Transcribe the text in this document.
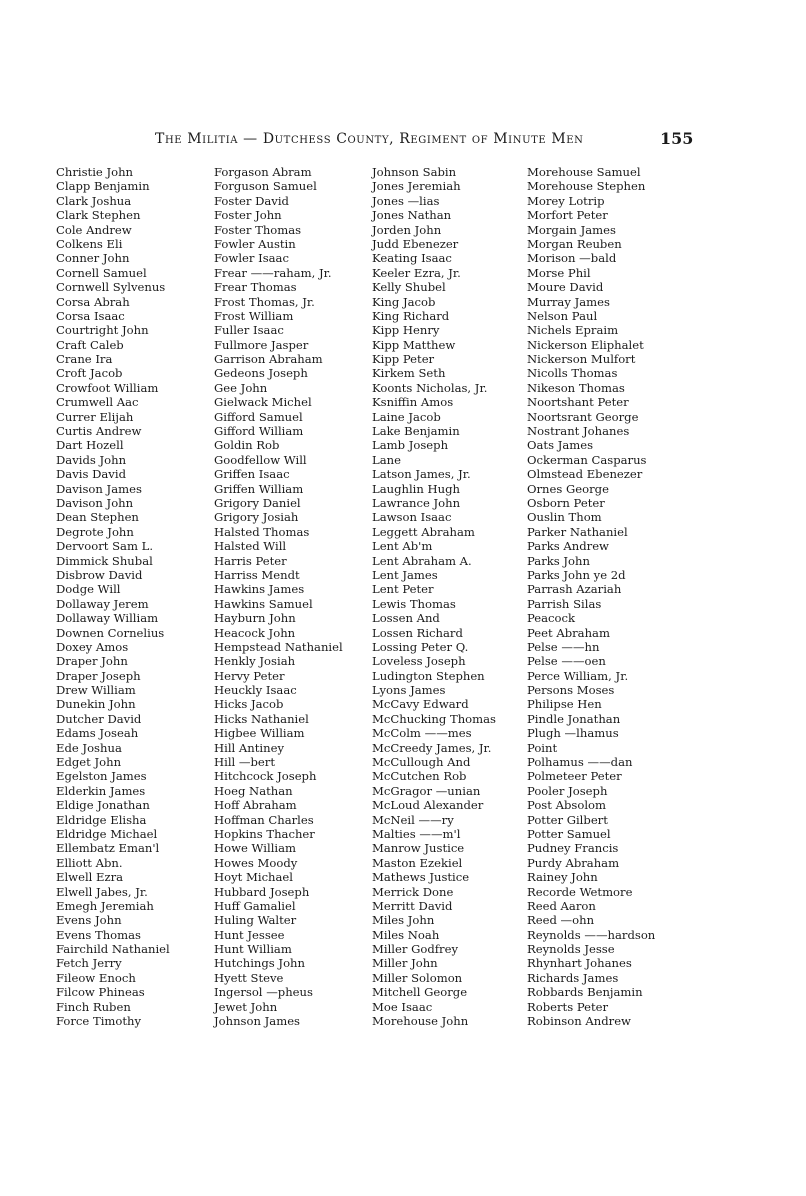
The Militia — Dutchess County, Regiment of Minute Men	155
Christie John
Clapp Benjamin
Clark Joshua
Clark Stephen
Cole Andrew
Colkens Eli
Conner John
Cornell Samuel
Cornwell Sylvenus
Corsa Abrah
Corsa Isaac
Courtright John
Craft Caleb
Crane Ira
Croft Jacob
Crowfoot William
Crumwell Aac
Currer Elijah
Curtis Andrew
Dart Hozell
Davids John
Davis David
Davison James
Davison John
Dean Stephen
Degrote John
Dervoort Sam L.
Dimmick Shubal
Disbrow David
Dodge Will
Dollaway Jerem
Dollaway William
Downen Cornelius
Doxey Amos
Draper John
Draper Joseph
Drew William
Dunekin John
Dutcher David
Edams Joseah
Ede Joshua
Edget John
Egelston James
Elderkin James
Eldige Jonathan
Eldridge Elisha
Eldridge Michael
Ellembatz Eman'l
Elliott Abn.
Elwell Ezra
Elwell Jabes, Jr.
Emegh Jeremiah
Evens John
Evens Thomas
Fairchild Nathaniel
Fetch Jerry
Fileow Enoch
Filcow Phineas
Finch Ruben
Force Timothy
Forgason Abram
Forguson Samuel
Foster David
Foster John
Foster Thomas
Fowler Austin
Fowler Isaac
Frear ——raham, Jr.
Frear Thomas
Frost Thomas, Jr.
Frost William
Fuller Isaac
Fullmore Jasper
Garrison Abraham
Gedeons Joseph
Gee John
Gielwack Michel
Gifford Samuel
Gifford William
Goldin Rob
Goodfellow Will
Griffen Isaac
Griffen William
Grigory Daniel
Grigory Josiah
Halsted Thomas
Halsted Will
Harris Peter
Harriss Mendt
Hawkins James
Hawkins Samuel
Hayburn John
Heacock John
Hempstead Nathaniel
Henkly Josiah
Hervy Peter
Heuckly Isaac
Hicks Jacob
Hicks Nathaniel
Higbee William
Hill Antiney
Hill —bert
Hitchcock Joseph
Hoeg Nathan
Hoff Abraham
Hoffman Charles
Hopkins Thacher
Howe William
Howes Moody
Hoyt Michael
Hubbard Joseph
Huff Gamaliel
Huling Walter
Hunt Jessee
Hunt William
Hutchings John
Hyett Steve
Ingersol —pheus
Jewet John
Johnson James
Johnson Sabin
Jones Jeremiah
Jones —lias
Jones Nathan
Jorden John
Judd Ebenezer
Keating Isaac
Keeler Ezra, Jr.
Kelly Shubel
King Jacob
King Richard
Kipp Henry
Kipp Matthew
Kipp Peter
Kirkem Seth
Koonts Nicholas, Jr.
Ksniffin Amos
Laine Jacob
Lake Benjamin
Lamb Joseph
Lane
Latson James, Jr.
Laughlin Hugh
Lawrance John
Lawson Isaac
Leggett Abraham
Lent Ab'm
Lent Abraham A.
Lent James
Lent Peter
Lewis Thomas
Lossen And
Lossen Richard
Lossing Peter Q.
Loveless Joseph
Ludington Stephen
Lyons James
McCavy Edward
McChucking Thomas
McColm ——mes
McCreedy James, Jr.
McCullough And
McCutchen Rob
McGragor —unian
McLoud Alexander
McNeil ——ry
Malties ——m'l
Manrow Justice
Maston Ezekiel
Mathews Justice
Merrick Done
Merritt David
Miles John
Miles Noah
Miller Godfrey
Miller John
Miller Solomon
Mitchell George
Moe Isaac
Morehouse John
Morehouse Samuel
Morehouse Stephen
Morey Lotrip
Morfort Peter
Morgain James
Morgan Reuben
Morison —bald
Morse Phil
Moure David
Murray James
Nelson Paul
Nichels Epraim
Nickerson Eliphalet
Nickerson Mulfort
Nicolls Thomas
Nikeson Thomas
Noortshant Peter
Noortsrant George
Nostrant Johanes
Oats James
Ockerman Casparus
Olmstead Ebenezer
Ornes George
Osborn Peter
Ouslin Thom
Parker Nathaniel
Parks Andrew
Parks John
Parks John ye 2d
Parrash Azariah
Parrish Silas
Peacock
Peet Abraham
Pelse ——hn
Pelse ——oen
Perce William, Jr.
Persons Moses
Philipse Hen
Pindle Jonathan
Plugh —lhamus
Point
Polhamus ——dan
Polmeteer Peter
Pooler Joseph
Post Absolom
Potter Gilbert
Potter Samuel
Pudney Francis
Purdy Abraham
Rainey John
Recorde Wetmore
Reed Aaron
Reed —ohn
Reynolds ——hardson
Reynolds Jesse
Rhynhart Johanes
Richards James
Robbards Benjamin
Roberts Peter
Robinson Andrew
